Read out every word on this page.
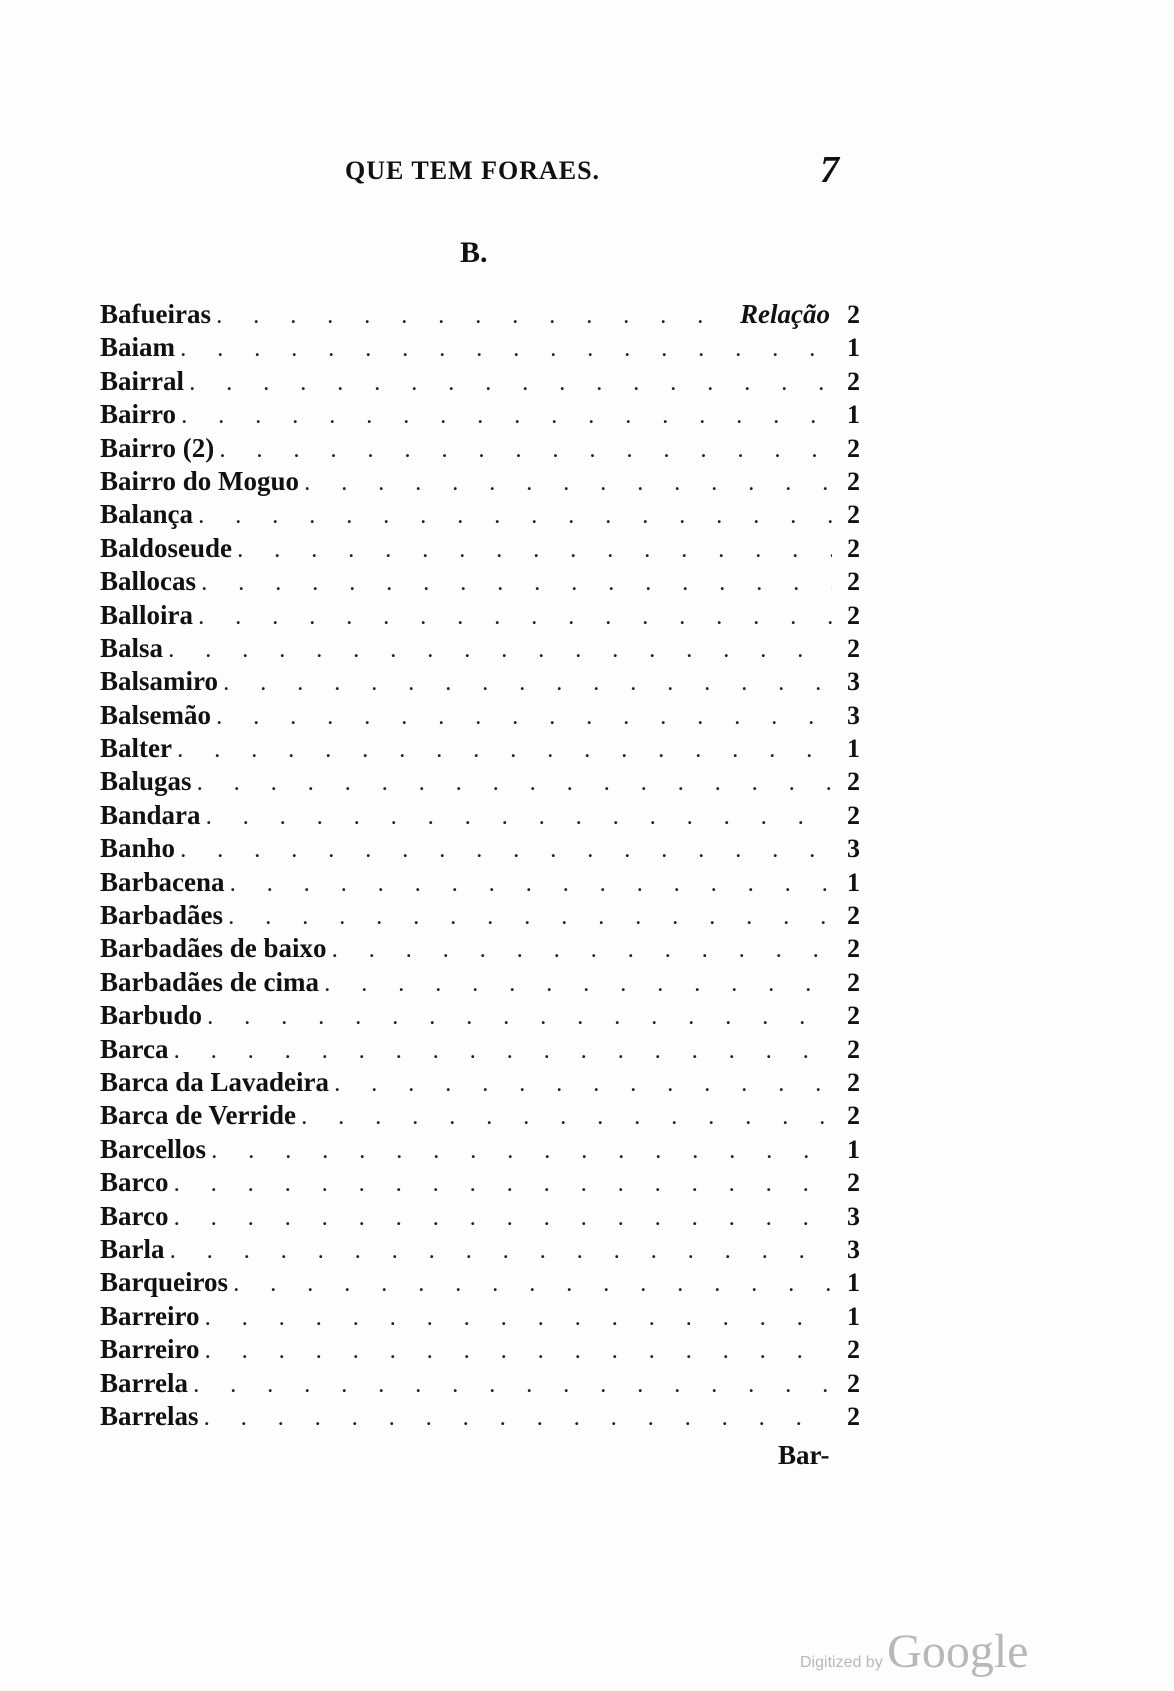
QUE TEM FORAES.	7
B.
Bafueiras . . .	Relação 2
Baiam . . .	1
Bairral . . .	2
Bairro . . .	1
Bairro (2) . . .	2
Bairro do Moguo . . .	2
Balança . . .	2
Baldoseude . . .	2
Ballocas . . .	2
Balloira . . .	2
Balsa . . .	2
Balsamiro . . .	3
Balsemão . . .	3
Balter . . .	1
Balugas . . .	2
Bandara . . .	2
Banho . . .	3
Barbacena . . .	1
Barbadães . . .	2
Barbadães de baixo . . .	2
Barbadães de cima . . .	2
Barbudo . . .	2
Barca . . .	2
Barca da Lavadeira . . .	2
Barca de Verride . . .	2
Barcellos . . .	1
Barco . . .	2
Barco . . .	3
Barla . . .	3
Barqueiros . . .	1
Barreiro . . .	1
Barreiro . . .	2
Barrela . . .	2
Barrelas . . .	2
Bar-
Digitized by Google
